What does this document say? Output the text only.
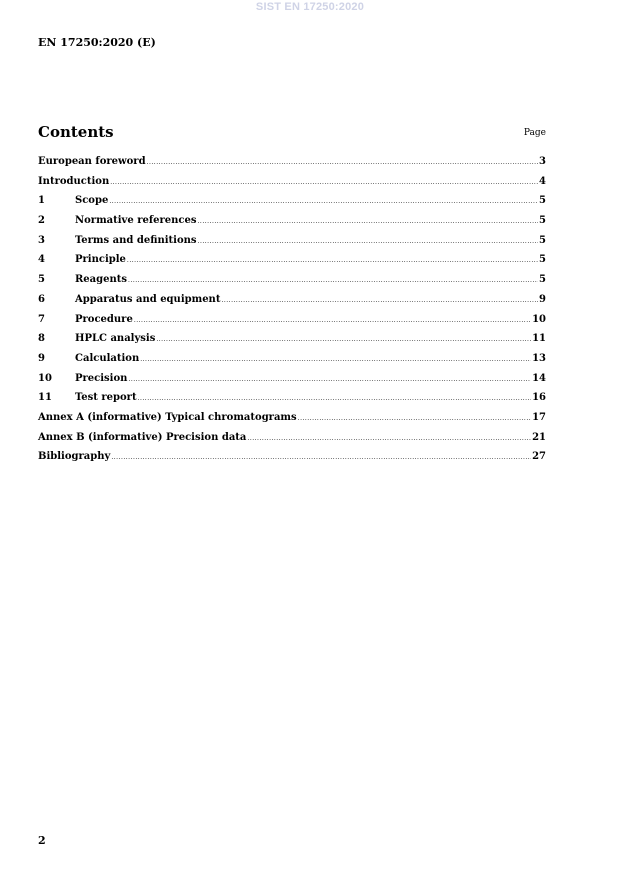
SIST EN 17250:2020
EN 17250:2020 (E)
Contents	Page
European foreword .....	3
Introduction .....	4
1	Scope .....	5
2	Normative references .....	5
3	Terms and definitions .....	5
4	Principle .....	5
5	Reagents .....	5
6	Apparatus and equipment .....	9
7	Procedure .....	10
8	HPLC analysis .....	11
9	Calculation .....	13
10	Precision .....	14
11	Test report .....	16
Annex A (informative) Typical chromatograms .....	17
Annex B (informative) Precision data .....	21
Bibliography .....	27
2
